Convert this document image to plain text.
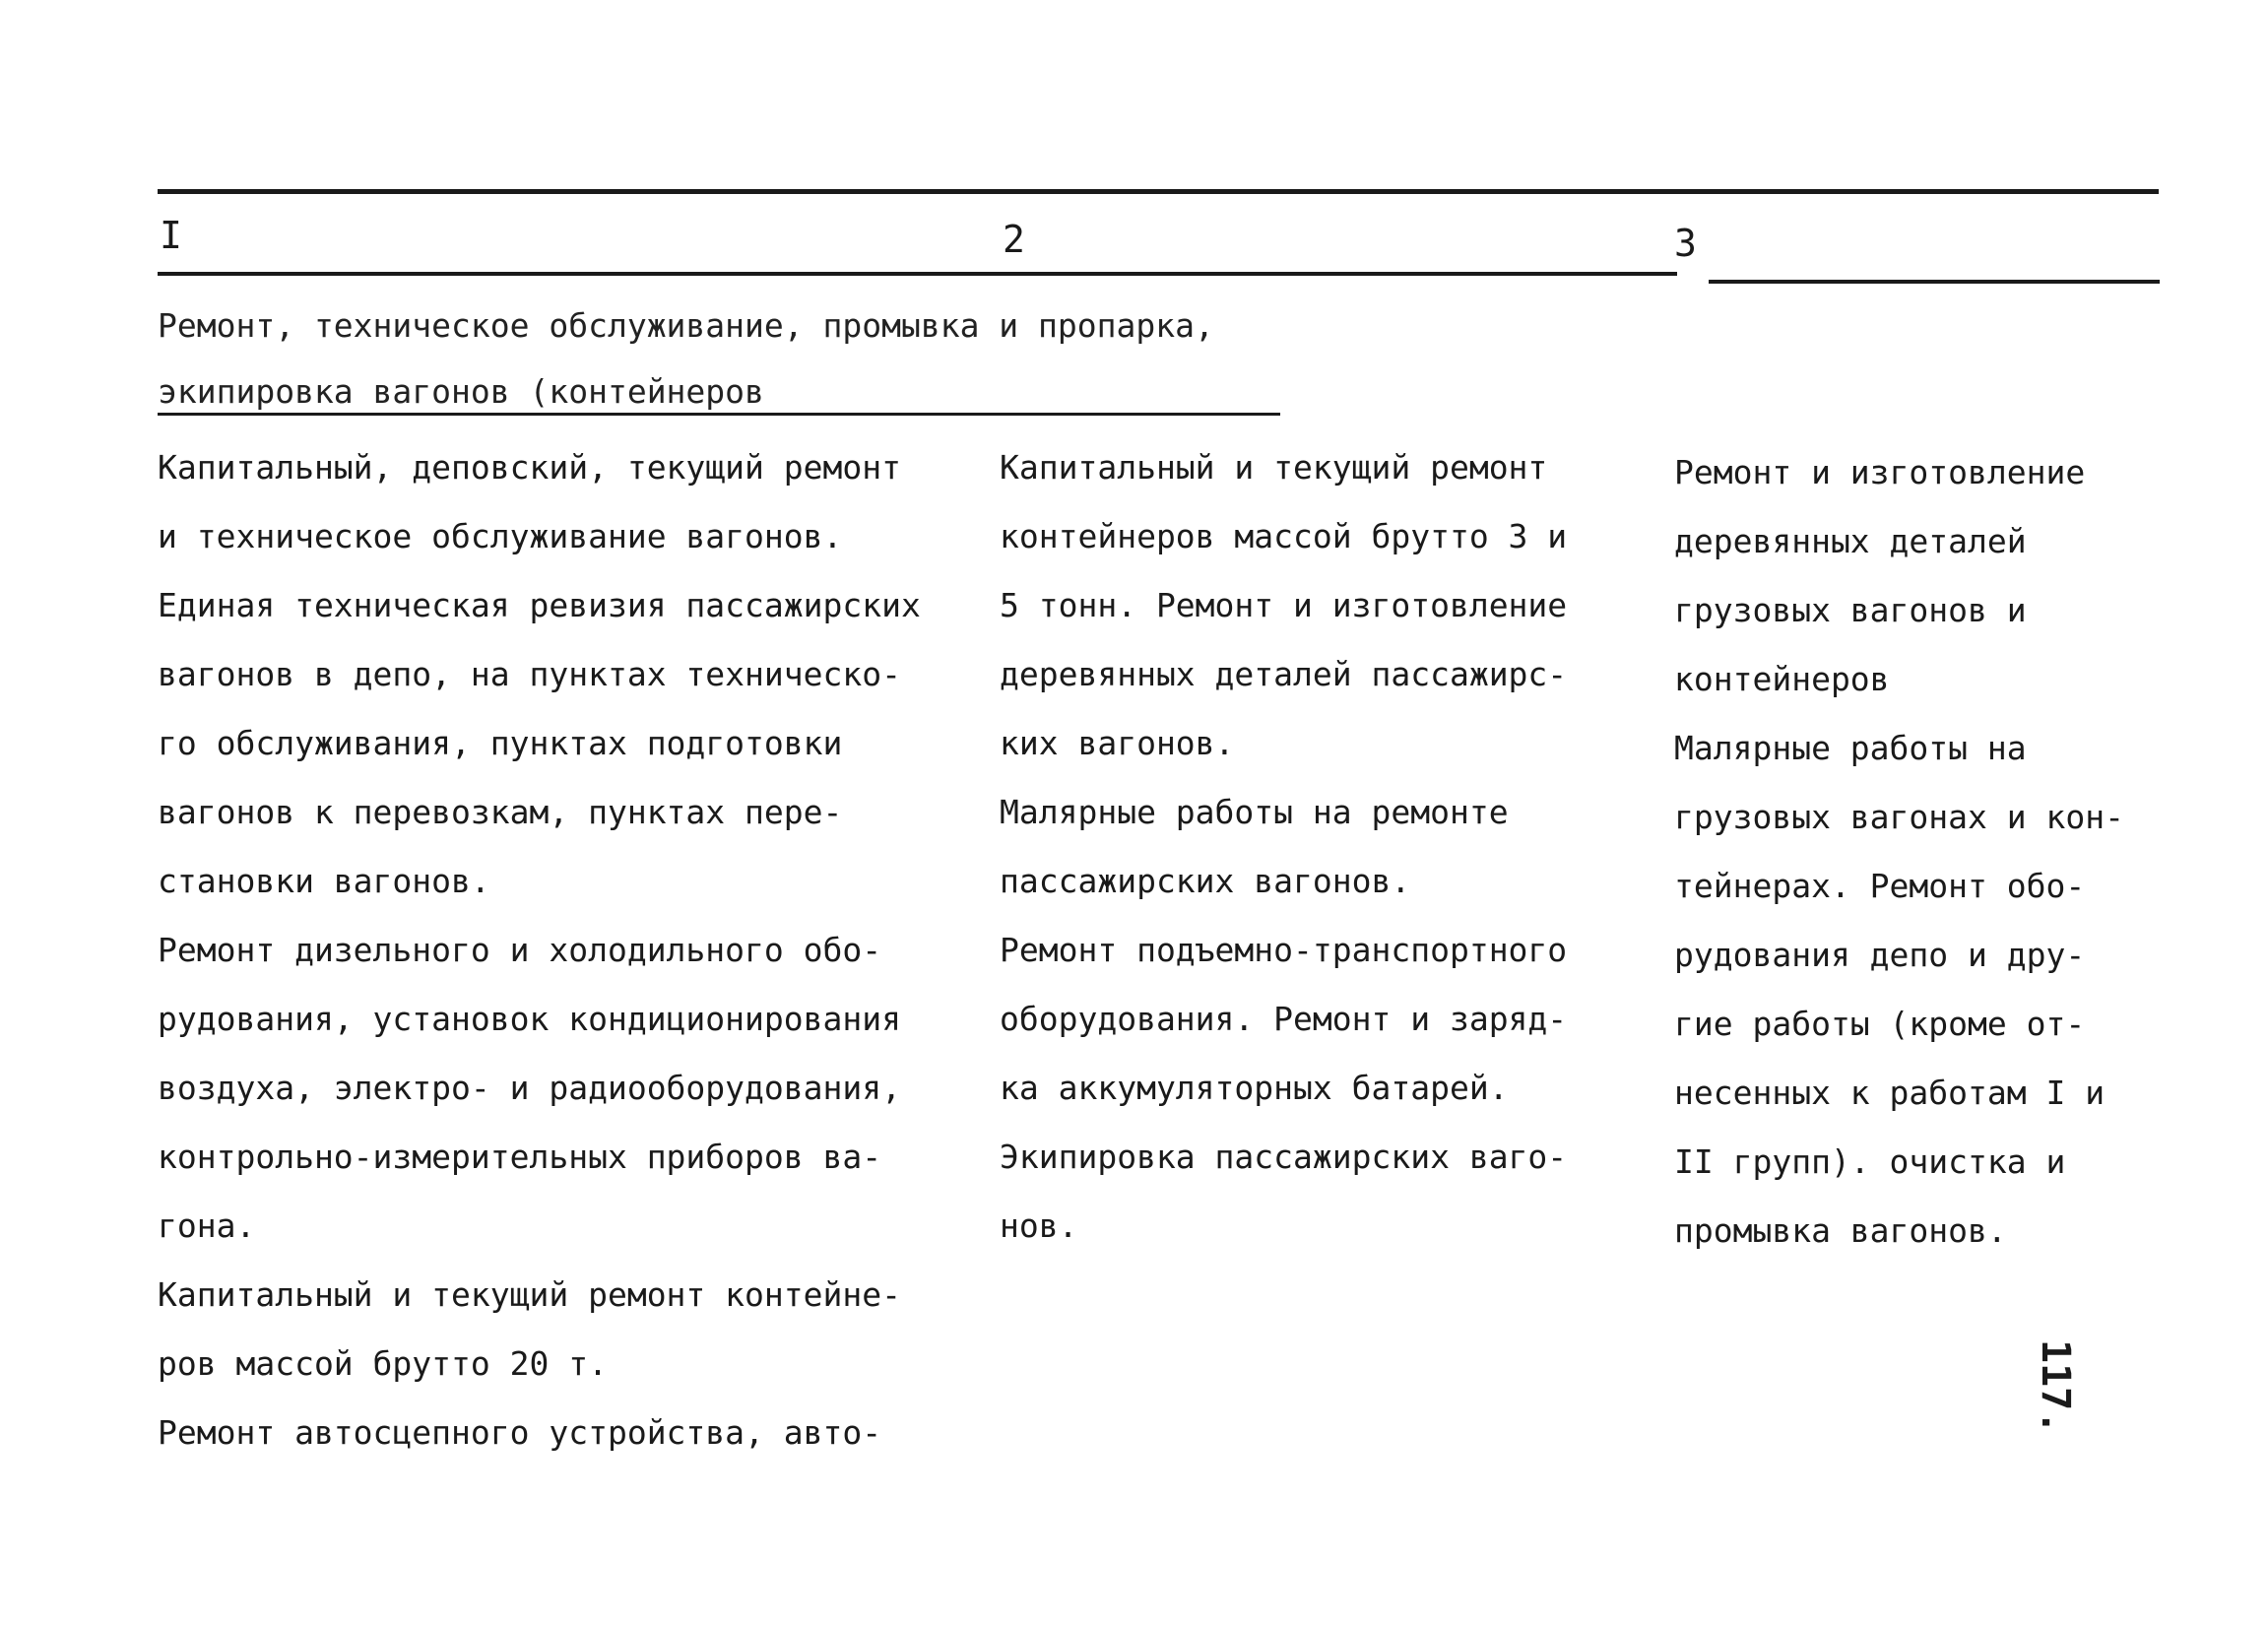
I	2	3
Ремонт, техническое обслуживание, промывка и пропарка,
экипировка вагонов (контейнеров
Капитальный, деповский, текущий ремонт
и техническое обслуживание вагонов.
Единая техническая ревизия пассажирских
вагонов в депо, на пунктах техническо-
го обслуживания, пунктах подготовки
вагонов к перевозкам, пунктах пере-
становки вагонов.
Ремонт дизельного и холодильного обо-
рудования, установок кондиционирования
воздуха, электро- и радиооборудования,
контрольно-измерительных приборов ва-
гона.
Капитальный и текущий ремонт контейне-
ров массой брутто 20 т.
Ремонт автосцепного устройства, авто-
Капитальный и текущий ремонт
контейнеров массой брутто 3 и
5 тонн. Ремонт и изготовление
деревянных деталей пассажирс-
ких вагонов.
Малярные работы на ремонте
пассажирских вагонов.
Ремонт подъемно-транспортного
оборудования. Ремонт и заряд-
ка аккумуляторных батарей.
Экипировка пассажирских ваго-
нов.
Ремонт и изготовление
деревянных деталей
грузовых вагонов и
контейнеров
Малярные работы на
грузовых вагонах и кон-
тейнерах. Ремонт обо-
рудования депо и дру-
гие работы (кроме от-
несенных к работам I и
II групп). очистка и
промывка вагонов.
117.
